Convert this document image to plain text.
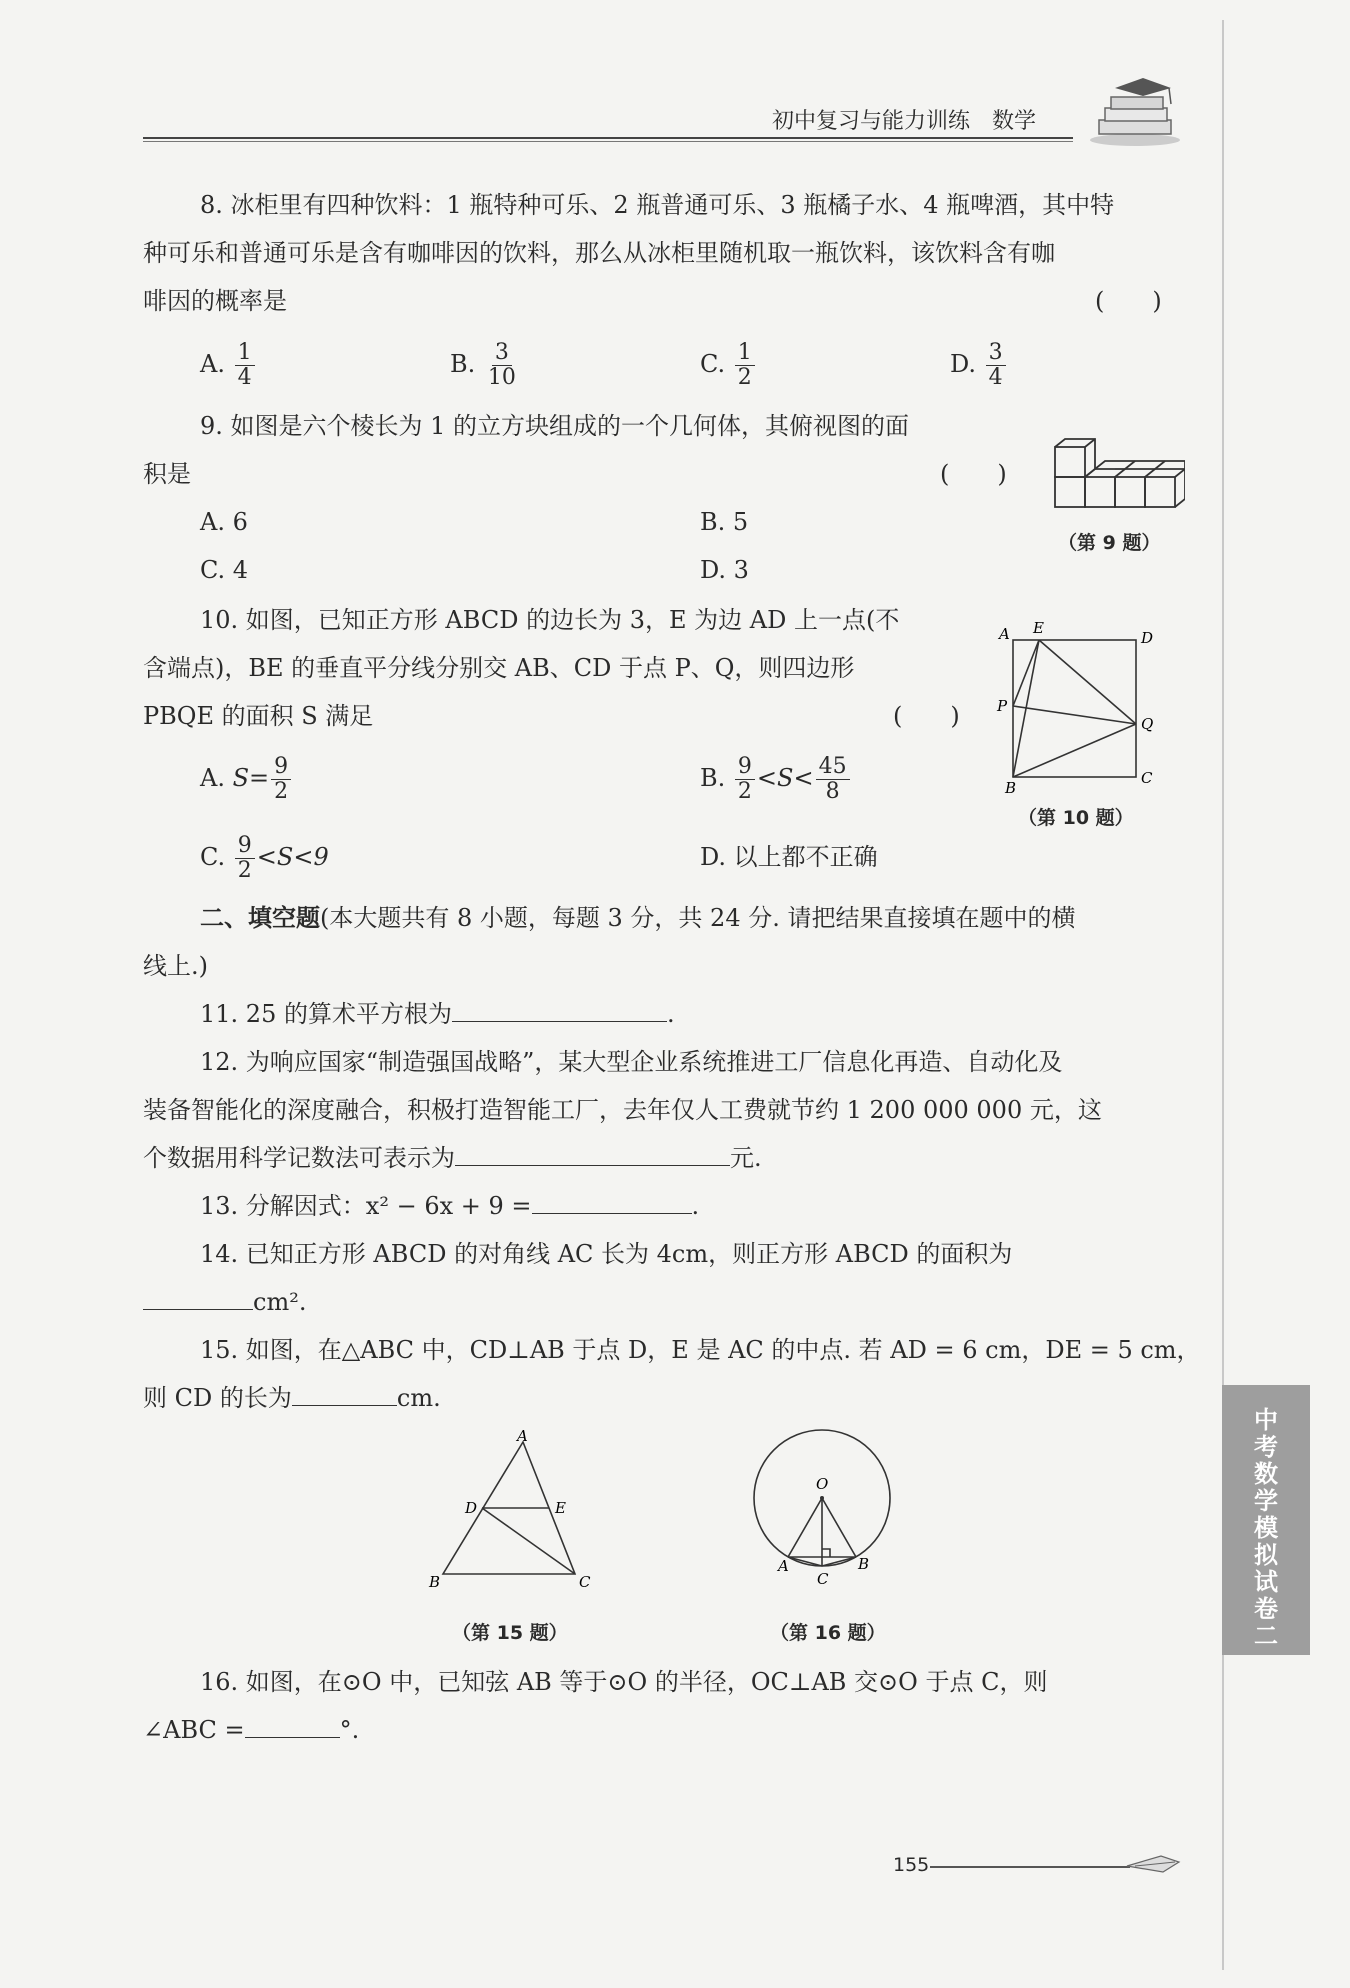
初中复习与能力训练　数学
8. 冰柜里有四种饮料：1 瓶特种可乐、2 瓶普通可乐、3 瓶橘子水、4 瓶啤酒，其中特
种可乐和普通可乐是含有咖啡因的饮料，那么从冰柜里随机取一瓶饮料，该饮料含有咖
啡因的概率是	(　　)
A. $\frac{1}{4}$	B. $\frac{3}{10}$	C. $\frac{1}{2}$	D. $\frac{3}{4}$
9. 如图是六个棱长为 1 的立方块组成的一个几何体，其俯视图的面
积是	(　　)
A. 6	B. 5
C. 4	D. 3
（第 9 题）
10. 如图，已知正方形 ABCD 的边长为 3，E 为边 AD 上一点(不
含端点)，BE 的垂直平分线分别交 AB、CD 于点 P、Q，则四边形
PBQE 的面积 S 满足	(　　)
A. $S= \frac{9}{2}$	B. $\frac{9}{2} <S< \frac{45}{8}$
C. $\frac{9}{2} <S<9$	D. 以上都不正确
A E
D
P
Q
B
C
（第 10 题）
二、填空题(本大题共有 8 小题，每题 3 分，共 24 分. 请把结果直接填在题中的横
线上.)
11. 25 的算术平方根为	.
12. 为响应国家“制造强国战略”，某大型企业系统推进工厂信息化再造、自动化及
装备智能化的深度融合，积极打造智能工厂，去年仅人工费就节约 1 200 000 000 元，这
个数据用科学记数法可表示为	元.
13. 分解因式：x² − 6x + 9 =	.
14. 已知正方形 ABCD 的对角线 AC 长为 4cm，则正方形 ABCD 的面积为
cm².
15. 如图，在△ABC 中，CD⊥AB 于点 D，E 是 AC 的中点. 若 AD = 6 cm，DE = 5 cm，
则 CD 的长为	cm.
A
D	E
B	C
（第 15 题）
O
A
C
B
（第 16 题）
16. 如图，在⊙O 中，已知弦 AB 等于⊙O 的半径，OC⊥AB 交⊙O 于点 C，则
∠ABC =	°.
中
考
数
学
模
拟
试
卷
二
155
